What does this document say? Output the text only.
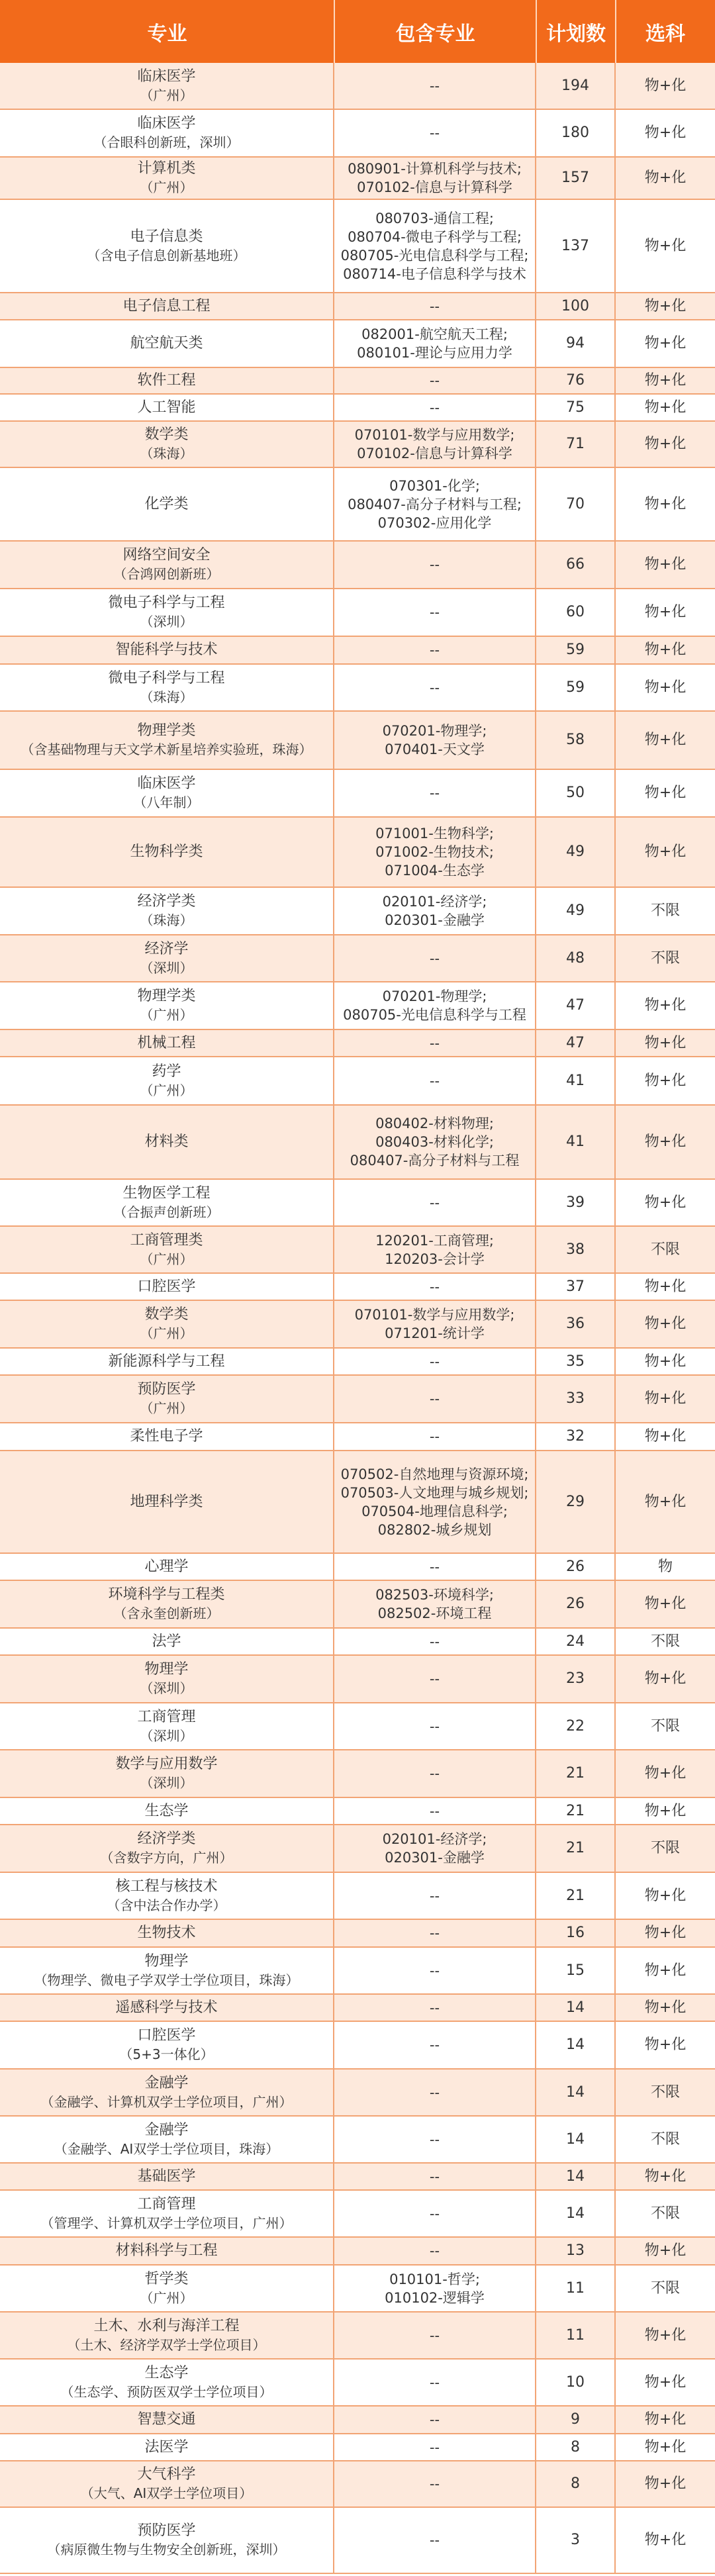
专业	包含专业	计划数	选科
临床医学
（广州）
--	194	物+化
临床医学
（合眼科创新班，深圳）
--	180	物+化
计算机类
（广州）
080901-计算机科学与技术;
070102-信息与计算科学
157	物+化
电子信息类
（含电子信息创新基地班）
080703-通信工程;
080704-微电子科学与工程;
080705-光电信息科学与工程;
080714-电子信息科学与技术
137	物+化
电子信息工程	--	100	物+化
航空航天类
082001-航空航天工程;
080101-理论与应用力学
94	物+化
软件工程	--	76	物+化
人工智能	--	75	物+化
数学类
（珠海）
070101-数学与应用数学;
070102-信息与计算科学
71	物+化
化学类
070301-化学;
080407-高分子材料与工程;
070302-应用化学
70	物+化
网络空间安全
（合鸿网创新班）
--	66	物+化
微电子科学与工程
（深圳）
--	60	物+化
智能科学与技术	--	59	物+化
微电子科学与工程
（珠海）
--	59	物+化
物理学类
（含基础物理与天文学术新星培养实验班，珠海）
070201-物理学;
070401-天文学
58	物+化
临床医学
（八年制）
--	50	物+化
生物科学类
071001-生物科学;
071002-生物技术;
071004-生态学
49	物+化
经济学类
（珠海）
020101-经济学;
020301-金融学
49	不限
经济学
（深圳）
--	48	不限
物理学类
（广州）
070201-物理学;
080705-光电信息科学与工程
47	物+化
机械工程	--	47	物+化
药学
（广州）
--	41	物+化
材料类
080402-材料物理;
080403-材料化学;
080407-高分子材料与工程
41	物+化
生物医学工程
（合振声创新班）
--	39	物+化
工商管理类
（广州）
120201-工商管理;
120203-会计学
38	不限
口腔医学	--	37	物+化
数学类
（广州）
070101-数学与应用数学;
071201-统计学
36	物+化
新能源科学与工程	--	35	物+化
预防医学
（广州）
--	33	物+化
柔性电子学	--	32	物+化
地理科学类
070502-自然地理与资源环境;
070503-人文地理与城乡规划;
070504-地理信息科学;
082802-城乡规划
29	物+化
心理学	--	26	物
环境科学与工程类
（含永奎创新班）
082503-环境科学;
082502-环境工程
26	物+化
法学	--	24	不限
物理学
（深圳）
--	23	物+化
工商管理
（深圳）
--	22	不限
数学与应用数学
（深圳）
--	21	物+化
生态学	--	21	物+化
经济学类
（含数字方向，广州）
020101-经济学;
020301-金融学
21	不限
核工程与核技术
（含中法合作办学）
--	21	物+化
生物技术	--	16	物+化
物理学
（物理学、微电子学双学士学位项目，珠海）
--	15	物+化
遥感科学与技术	--	14	物+化
口腔医学
（5+3一体化）
--	14	物+化
金融学
（金融学、计算机双学士学位项目，广州）
--	14	不限
金融学
（金融学、AI双学士学位项目，珠海）
--	14	不限
基础医学	--	14	物+化
工商管理
（管理学、计算机双学士学位项目，广州）
--	14	不限
材料科学与工程	--	13	物+化
哲学类
（广州）
010101-哲学;
010102-逻辑学
11	不限
土木、水利与海洋工程
（土木、经济学双学士学位项目）
--	11	物+化
生态学
（生态学、预防医双学士学位项目）
--	10	物+化
智慧交通	--	9	物+化
法医学	--	8	物+化
大气科学
（大气、AI双学士学位项目）
--	8	物+化
预防医学
（病原微生物与生物安全创新班，深圳）
--	3	物+化
